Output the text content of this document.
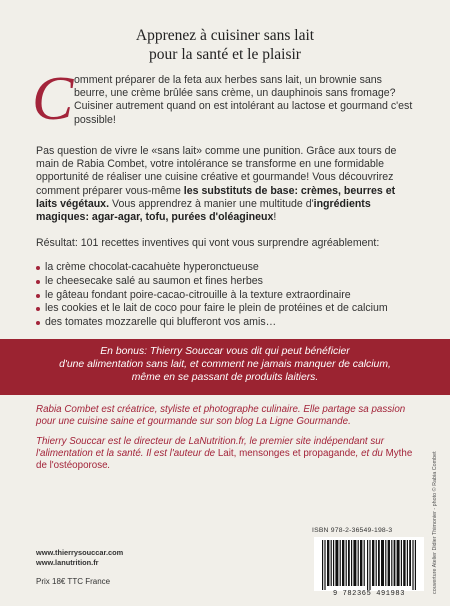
Apprenez à cuisiner sans lait
pour la santé et le plaisir
C omment préparer de la feta aux herbes sans lait, un brownie sans beurre, une crème brûlée sans crème, un dauphinois sans fromage? Cuisiner autrement quand on est intolérant au lactose et gourmand c'est possible!
Pas question de vivre le «sans lait» comme une punition. Grâce aux tours de main de Rabia Combet, votre intolérance se transforme en une formidable opportunité de réaliser une cuisine créative et gourmande! Vous découvrirez comment préparer vous-même les substituts de base: crèmes, beurres et laits végétaux. Vous apprendrez à manier une multitude d'ingrédients magiques: agar-agar, tofu, purées d'oléagineux!
Résultat: 101 recettes inventives qui vont vous surprendre agréablement:
la crème chocolat-cacahuète hyperonctueuse
le cheesecake salé au saumon et fines herbes
le gâteau fondant poire-cacao-citrouille à la texture extraordinaire
les cookies et le lait de coco pour faire le plein de protéines et de calcium
des tomates mozzarelle qui blufferont vos amis…
En bonus: Thierry Souccar vous dit qui peut bénéficier
d'une alimentation sans lait, et comment ne jamais manquer de calcium,
même en se passant de produits laitiers.
Rabia Combet est créatrice, styliste et photographe culinaire. Elle partage sa passion pour une cuisine saine et gourmande sur son blog La Ligne Gourmande.
Thierry Souccar est le directeur de LaNutrition.fr, le premier site indépendant sur l'alimentation et la santé. Il est l'auteur de Lait, mensonges et propagande, et du Mythe de l'ostéoporose.
www.thierrysouccar.com
www.lanutrition.fr
Prix 18€ TTC France
ISBN 978-2-36549-198-3
9 782365 491983	couverture Atelier Didier Thimonier - photo © Rabia Combet
